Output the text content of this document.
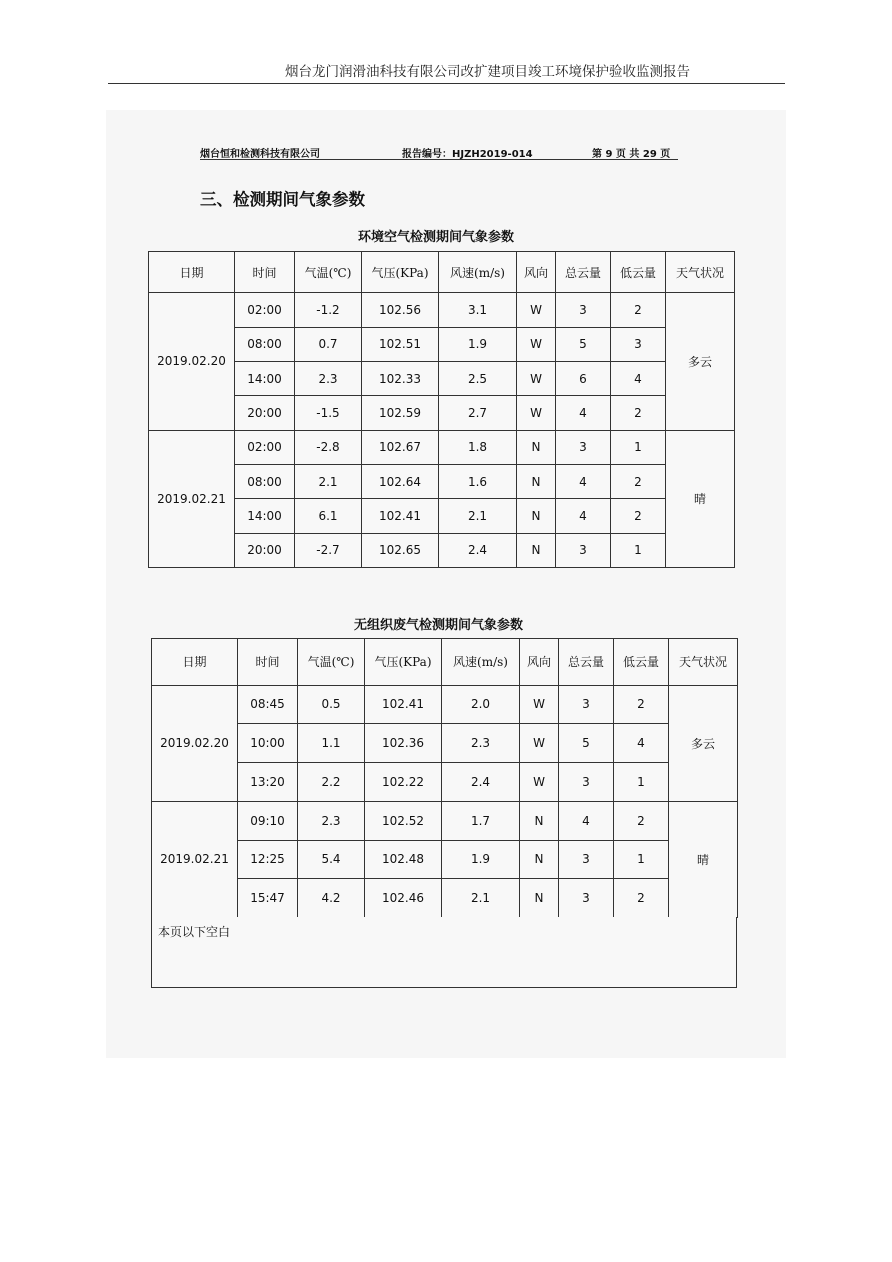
烟台龙门润滑油科技有限公司改扩建项目竣工环境保护验收监测报告
烟台恒和检测科技有限公司	报告编号：HJZH2019-014	第 9 页 共 29 页
三、检测期间气象参数
环境空气检测期间气象参数
日期	时间	气温(℃)	气压(KPa)	风速(m/s)	风向	总云量	低云量	天气状况
2019.02.20	02:00	-1.2	102.56	3.1	W	3	2	多云
	08:00	0.7	102.51	1.9	W	5	3	
	14:00	2.3	102.33	2.5	W	6	4	
	20:00	-1.5	102.59	2.7	W	4	2	
2019.02.21	02:00	-2.8	102.67	1.8	N	3	1	晴
	08:00	2.1	102.64	1.6	N	4	2	
	14:00	6.1	102.41	2.1	N	4	2	
	20:00	-2.7	102.65	2.4	N	3	1	
无组织废气检测期间气象参数
日期	时间	气温(℃)	气压(KPa)	风速(m/s)	风向	总云量	低云量	天气状况
2019.02.20	08:45	0.5	102.41	2.0	W	3	2	多云
	10:00	1.1	102.36	2.3	W	5	4	
	13:20	2.2	102.22	2.4	W	3	1	
2019.02.21	09:10	2.3	102.52	1.7	N	4	2	晴
	12:25	5.4	102.48	1.9	N	3	1	
	15:47	4.2	102.46	2.1	N	3	2	
本页以下空白
